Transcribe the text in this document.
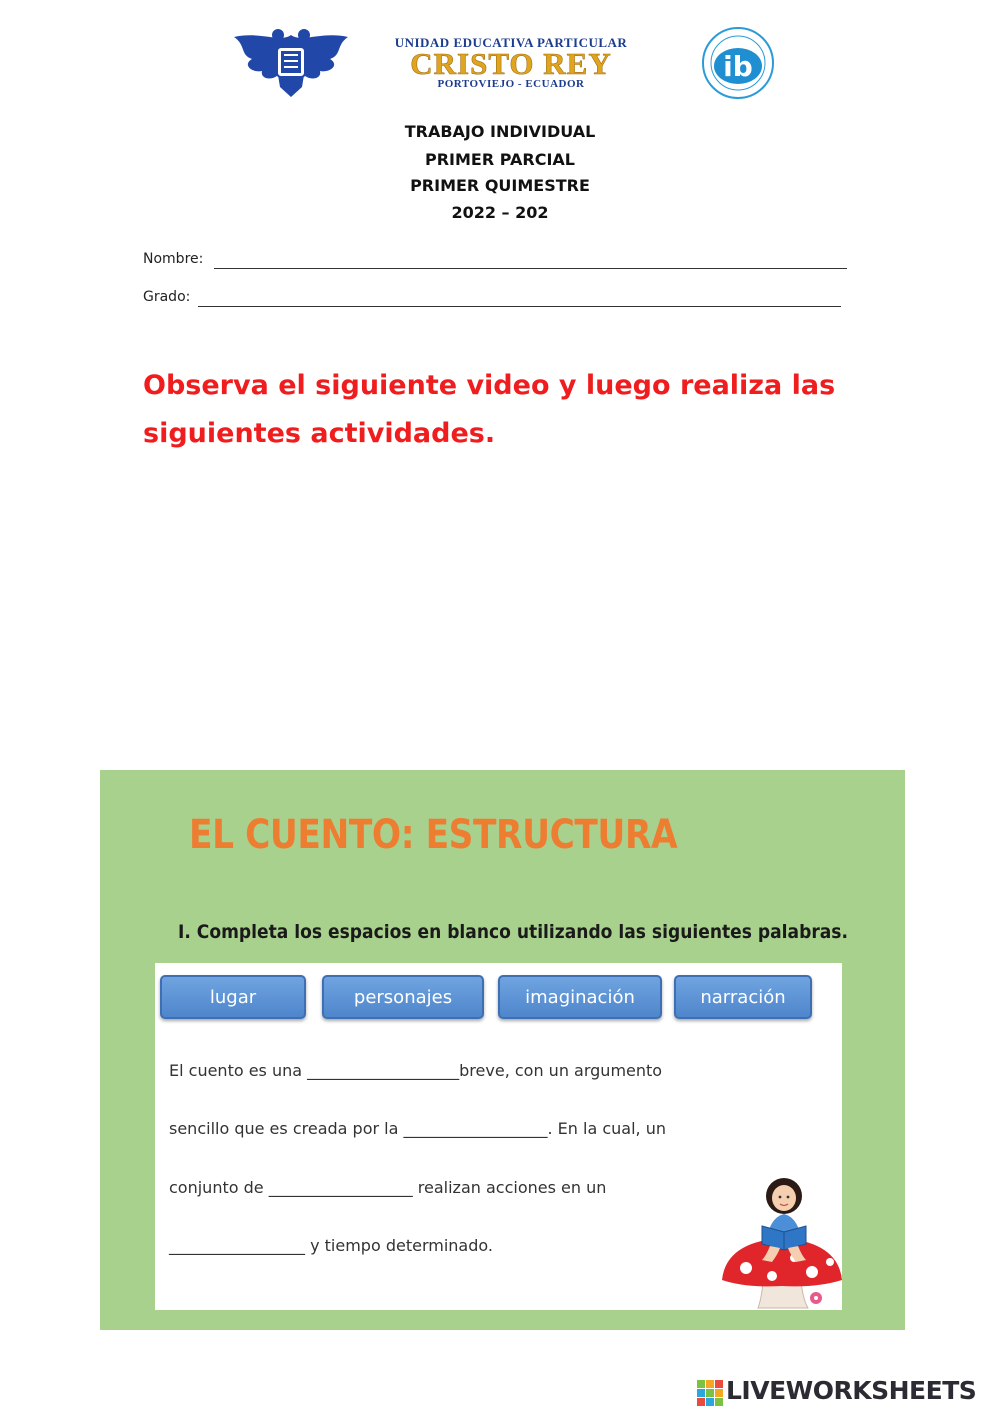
UNIDAD EDUCATIVA PARTICULAR
CRISTO REY
PORTOVIEJO - ECUADOR
ib
TRABAJO INDIVIDUAL
PRIMER PARCIAL
PRIMER QUIMESTRE
2022 – 202
Nombre:
Grado:
Observa el siguiente video y luego realiza las siguientes actividades.
EL CUENTO: ESTRUCTURA
I. Completa los espacios en blanco utilizando las siguientes palabras.
lugar	personajes	imaginación	narración
El cuento es una ___________________breve, con un argumento
sencillo que es creada por la __________________. En la cual, un
conjunto de __________________ realizan acciones en un
_________________ y tiempo determinado.
LIVEWORKSHEETS
